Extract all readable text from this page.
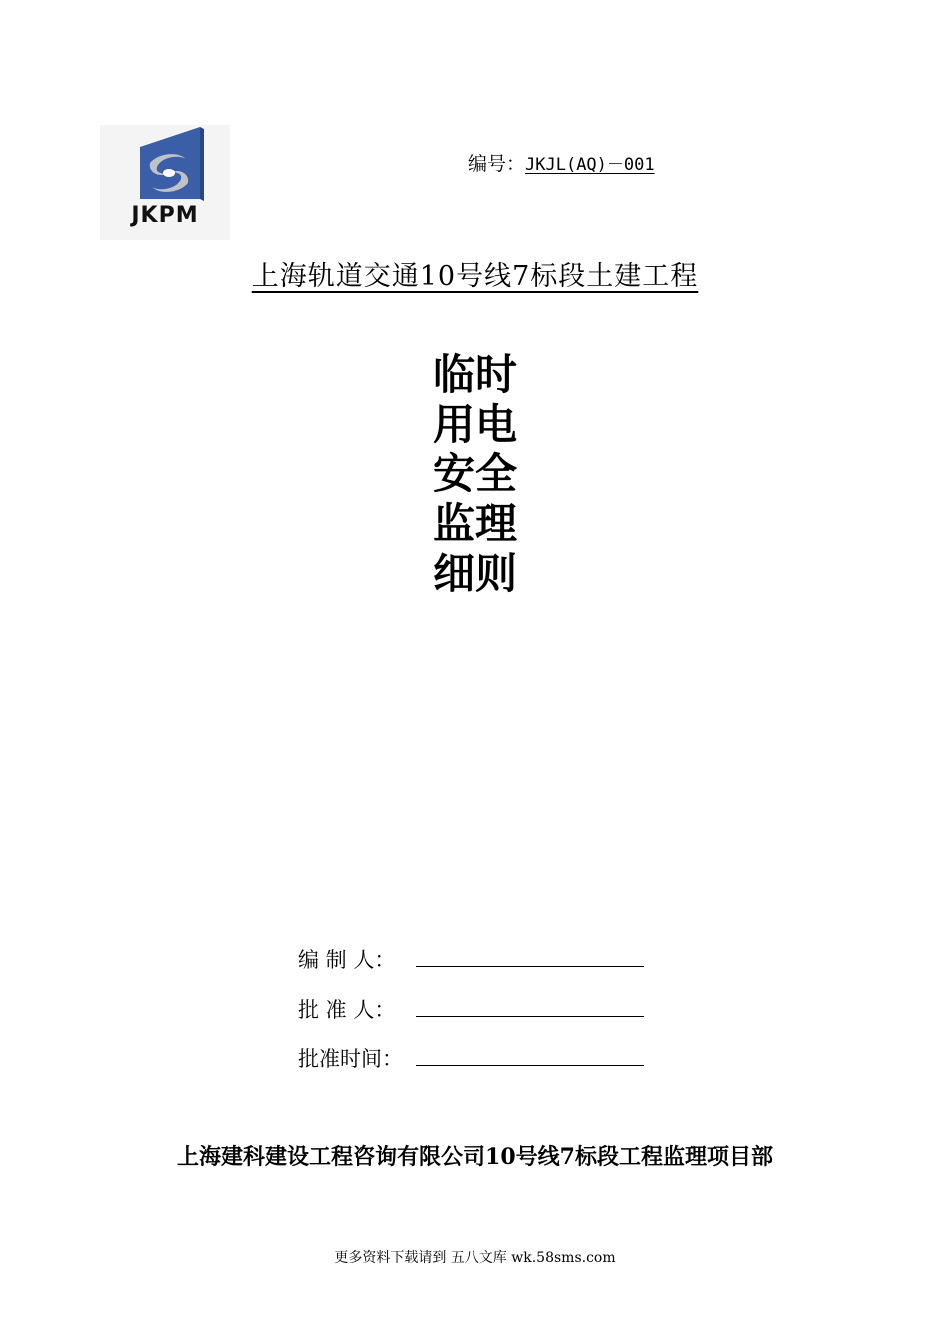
JKPM
编号：JKJL(AQ)－001
上海轨道交通10号线7标段土建工程
临时用电安全监理细则
编 制 人：
批 准 人：
批准时间：
上海建科建设工程咨询有限公司10号线7标段工程监理项目部
更多资料下载请到 五八文库 wk.58sms.com
